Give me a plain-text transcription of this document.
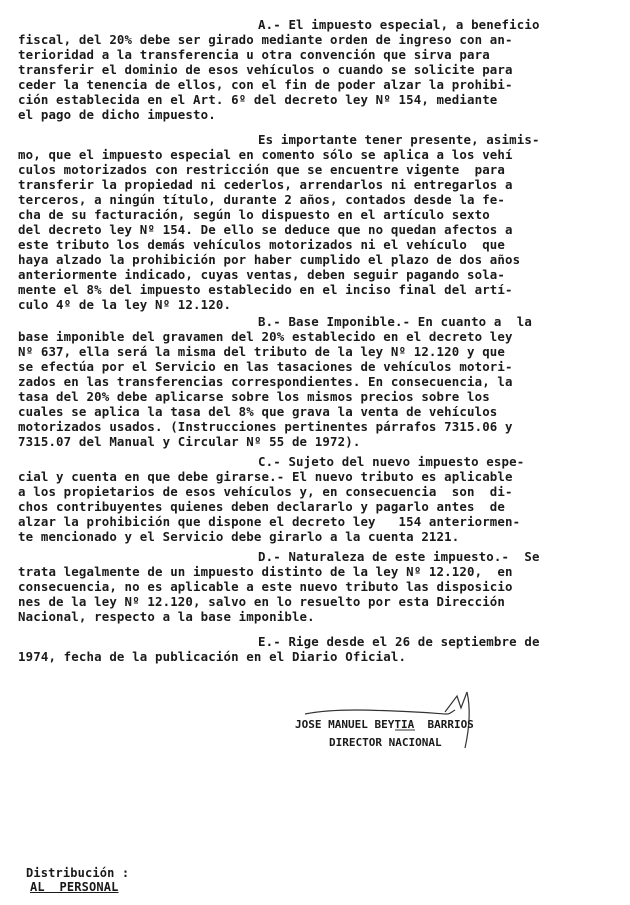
A.- El impuesto especial, a beneficio
fiscal, del 20% debe ser girado mediante orden de ingreso con an-
terioridad a la transferencia u otra convención que sirva para
transferir el dominio de esos vehículos o cuando se solicite para
ceder la tenencia de ellos, con el fin de poder alzar la prohibi-
ción establecida en el Art. 6º del decreto ley Nº 154, mediante
el pago de dicho impuesto.
Es importante tener presente, asimis-
mo, que el impuesto especial en comento sólo se aplica a los vehí
culos motorizados con restricción que se encuentre vigente  para
transferir la propiedad ni cederlos, arrendarlos ni entregarlos a
terceros, a ningún título, durante 2 años, contados desde la fe-
cha de su facturación, según lo dispuesto en el artículo sexto
del decreto ley Nº 154. De ello se deduce que no quedan afectos a
este tributo los demás vehículos motorizados ni el vehículo  que
haya alzado la prohibición por haber cumplido el plazo de dos años
anteriormente indicado, cuyas ventas, deben seguir pagando sola-
mente el 8% del impuesto establecido en el inciso final del artí-
culo 4º de la ley Nº 12.120.
B.- Base Imponible.- En cuanto a  la
base imponible del gravamen del 20% establecido en el decreto ley
Nº 637, ella será la misma del tributo de la ley Nº 12.120 y que
se efectúa por el Servicio en las tasaciones de vehículos motori-
zados en las transferencias correspondientes. En consecuencia, la
tasa del 20% debe aplicarse sobre los mismos precios sobre los
cuales se aplica la tasa del 8% que grava la venta de vehículos
motorizados usados. (Instrucciones pertinentes párrafos 7315.06 y
7315.07 del Manual y Circular Nº 55 de 1972).
C.- Sujeto del nuevo impuesto espe-
cial y cuenta en que debe girarse.- El nuevo tributo es aplicable
a los propietarios de esos vehículos y, en consecuencia  son  di-
chos contribuyentes quienes deben declararlo y pagarlo antes  de
alzar la prohibición que dispone el decreto ley   154 anteriormen-
te mencionado y el Servicio debe girarlo a la cuenta 2121.
D.- Naturaleza de este impuesto.-  Se
trata legalmente de un impuesto distinto de la ley Nº 12.120,  en
consecuencia, no es aplicable a este nuevo tributo las disposicio
nes de la ley Nº 12.120, salvo en lo resuelto por esta Dirección
Nacional, respecto a la base imponible.
E.- Rige desde el 26 de septiembre de
1974, fecha de la publicación en el Diario Oficial.
JOSE MANUEL BEYTIA  BARRIOS
DIRECTOR NACIONAL
Distribución :
AL  PERSONAL
